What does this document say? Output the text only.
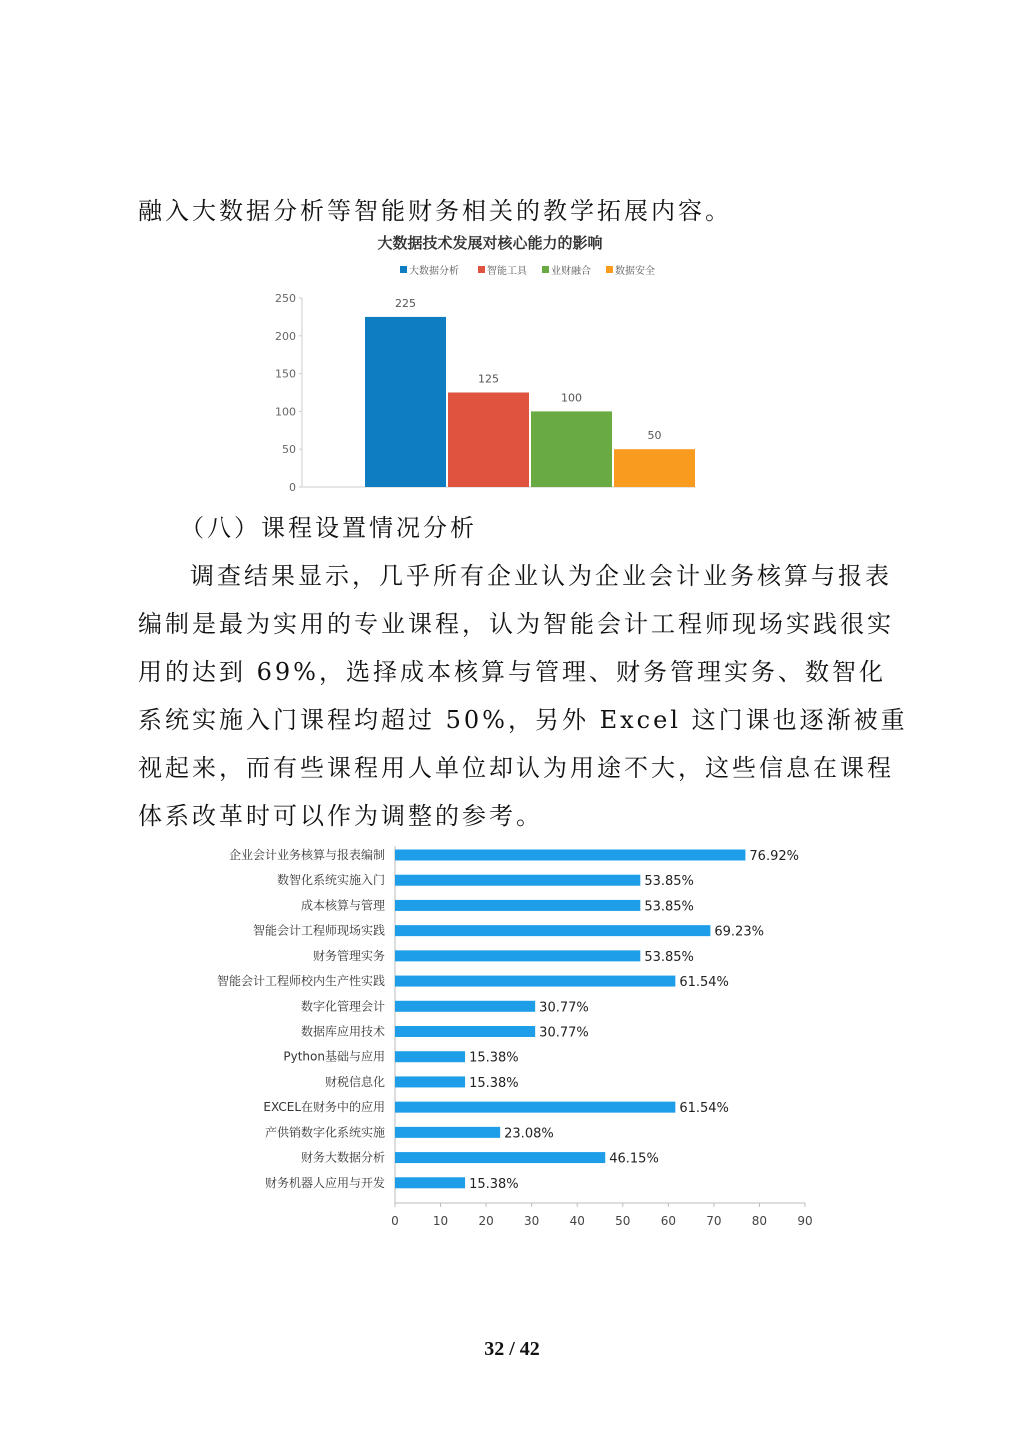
融入大数据分析等智能财务相关的教学拓展内容。

大数据技术发展对核心能力的影响
大数据分析	智能工具 业财融合 数据安全
0
50
100
150
200
250	225
125
100
50

（八）课程设置情况分析

调查结果显示，几乎所有企业认为企业会计业务核算与报表编制是最为实用的专业课程，认为智能会计工程师现场实践很实用的达到 69%，选择成本核算与管理、财务管理实务、数智化系统实施入门课程均超过 50%，另外 Excel 这门课也逐渐被重视起来，而有些课程用人单位却认为用途不大，这些信息在课程体系改革时可以作为调整的参考。

0	10	20	30	40	50	60	70	80	90
企业会计业务核算与报表编制	76.92%
数智化系统实施入门	53.85%
成本核算与管理	53.85%
智能会计工程师现场实践	69.23%
财务管理实务	53.85%
智能会计工程师校内生产性实践	61.54%
数字化管理会计	30.77%
数据库应用技术	30.77%
Python基础与应用	15.38%
财税信息化	15.38%
EXCEL在财务中的应用	61.54%
产供销数字化系统实施	23.08%
财务大数据分析	46.15%
财务机器人应用与开发	15.38%
32 / 42
